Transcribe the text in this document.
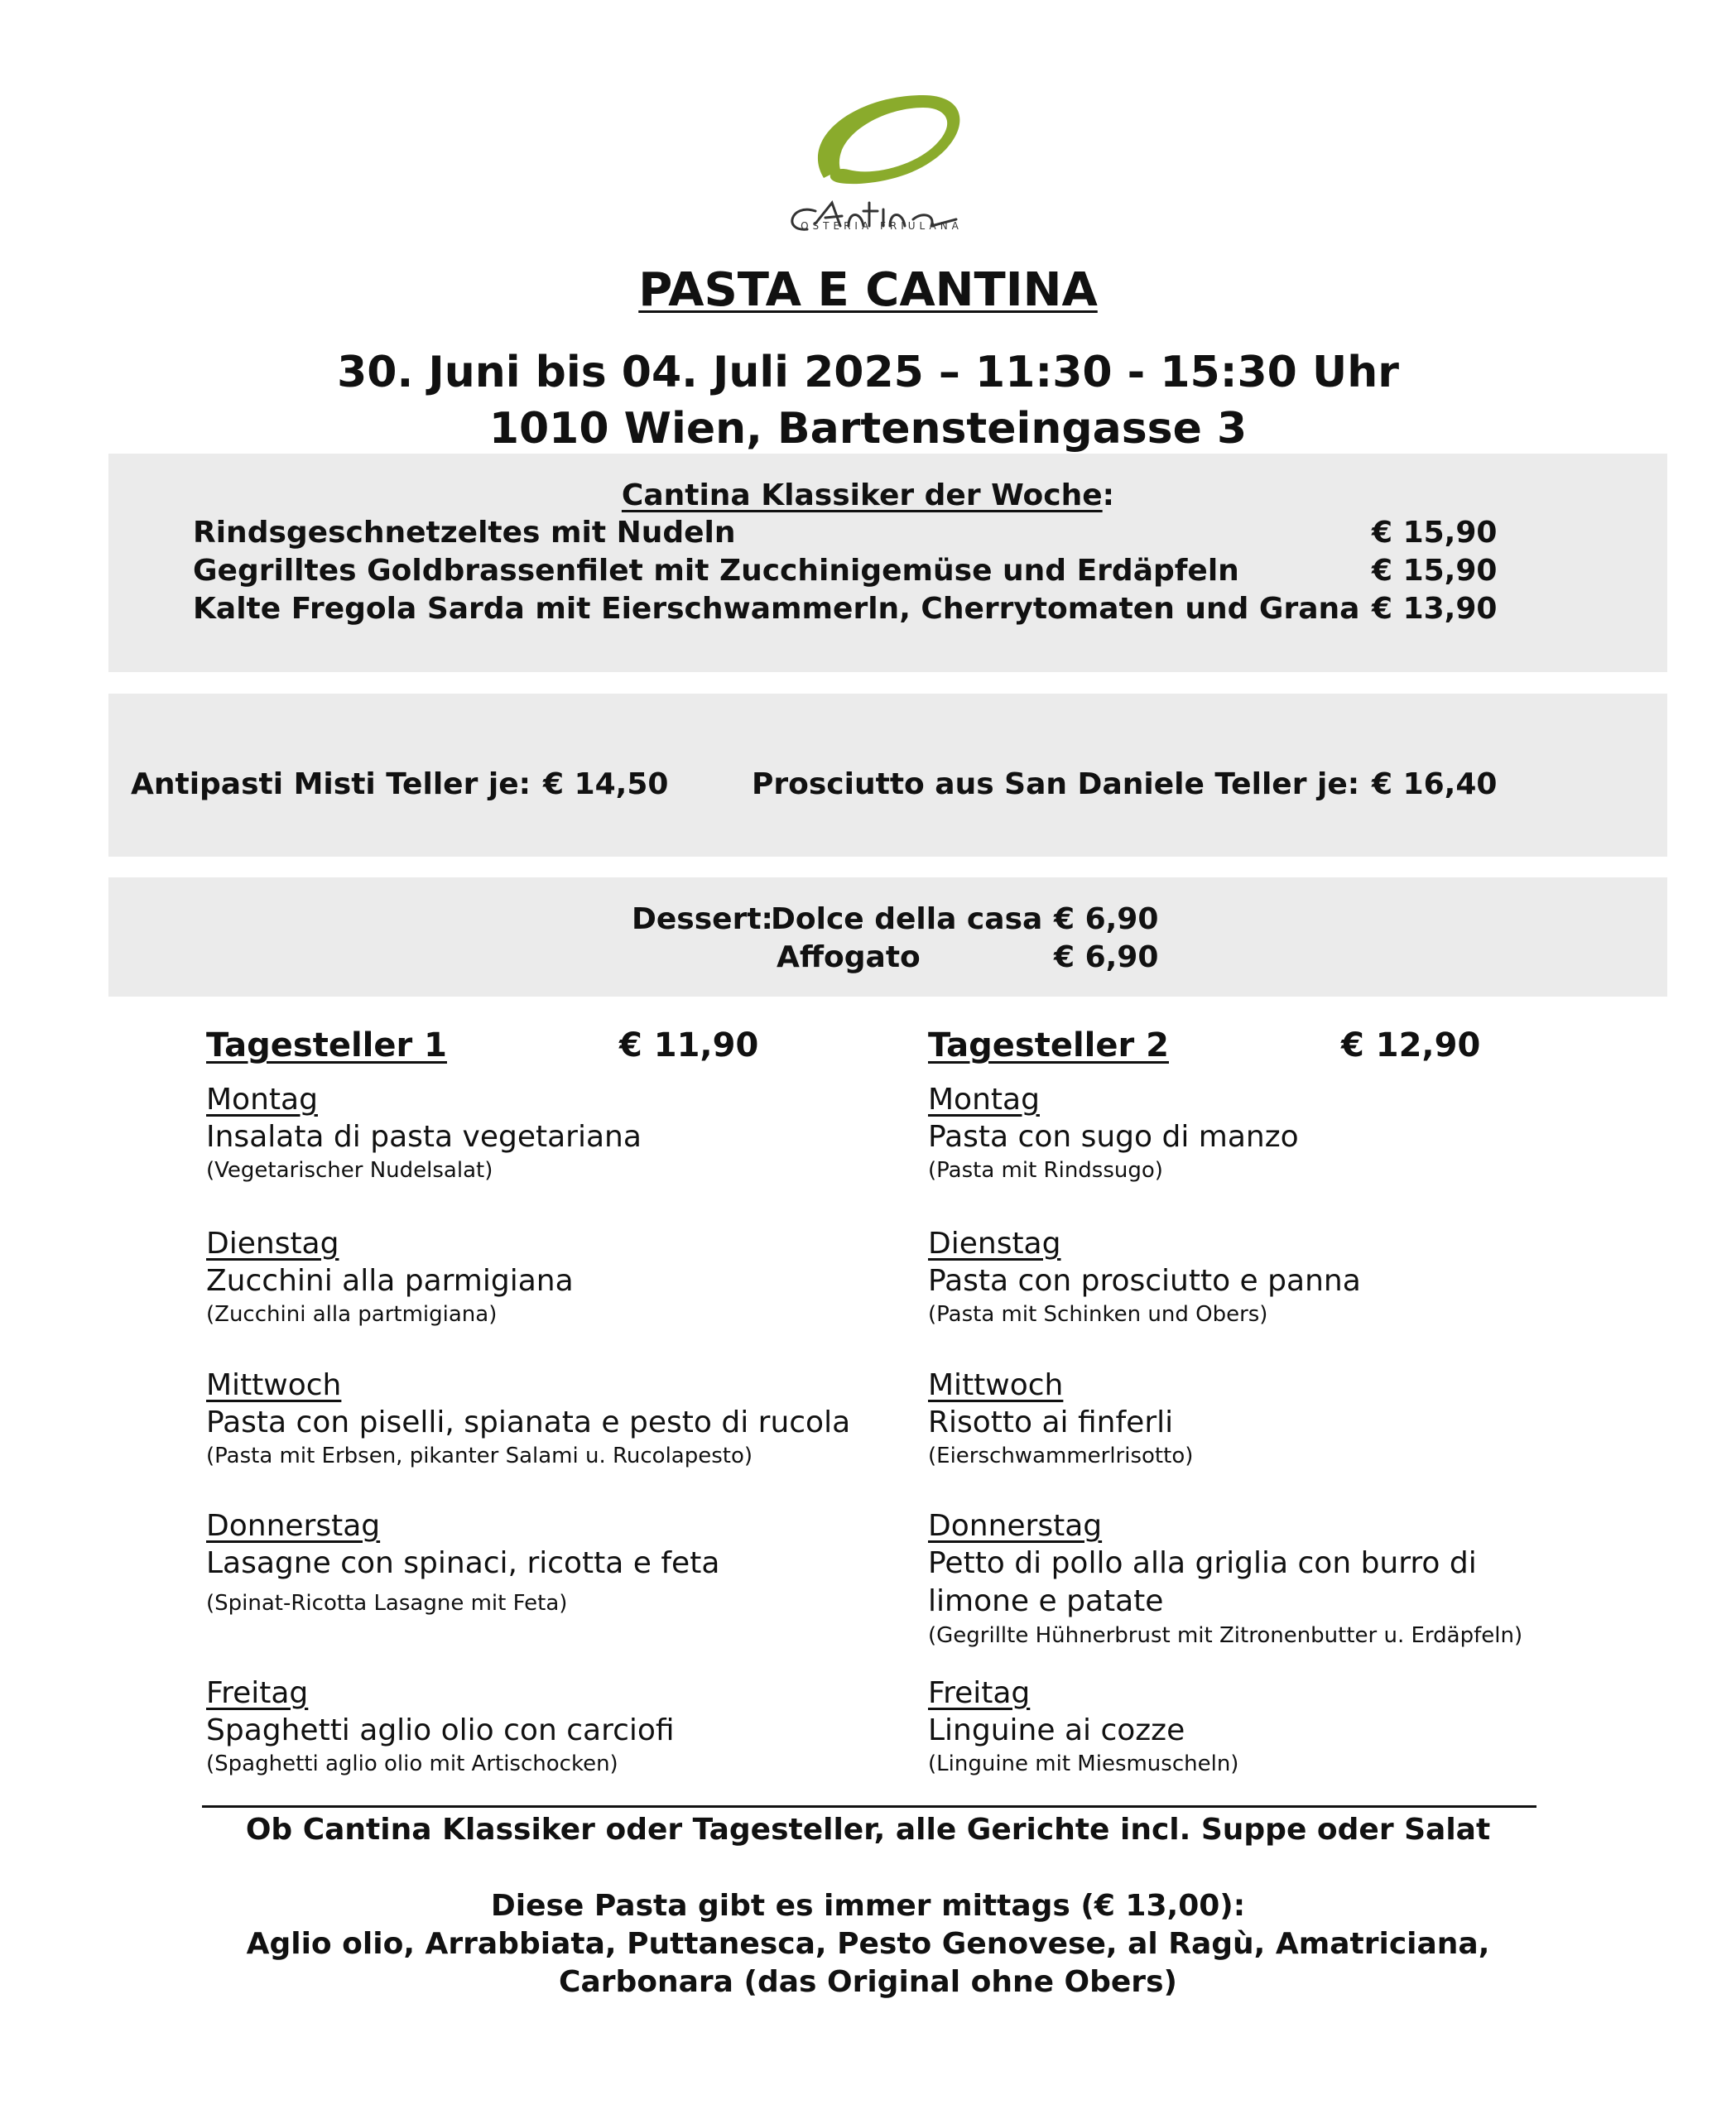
OSTERIA FRIULANA
PASTA E CANTINA
30. Juni bis 04. Juli 2025 – 11:30 - 15:30 Uhr
1010 Wien, Bartensteingasse 3
Cantina Klassiker der Woche:
Rindsgeschnetzeltes mit Nudeln	€ 15,90
Gegrilltes Goldbrassenfilet mit Zucchinigemüse und Erdäpfeln	€ 15,90
Kalte Fregola Sarda mit Eierschwammerln, Cherrytomaten und Grana € 13,90
Antipasti Misti Teller je: € 14,50	Prosciutto aus San Daniele Teller je: € 16,40
Dessert:
Dolce della casa € 6,90
Affogato	€ 6,90
Tagesteller 1	€ 11,90
Montag
Insalata di pasta vegetariana
(Vegetarischer Nudelsalat)
Dienstag
Zucchini alla parmigiana
(Zucchini alla partmigiana)
Mittwoch
Pasta con piselli, spianata e pesto di rucola
(Pasta mit Erbsen, pikanter Salami u. Rucolapesto)
Donnerstag
Lasagne con spinaci, ricotta e feta
(Spinat-Ricotta Lasagne mit Feta)
Freitag
Spaghetti aglio olio con carciofi
(Spaghetti aglio olio mit Artischocken)
Tagesteller 2	€ 12,90
Montag
Pasta con sugo di manzo
(Pasta mit Rindssugo)
Dienstag
Pasta con prosciutto e panna
(Pasta mit Schinken und Obers)
Mittwoch
Risotto ai finferli
(Eierschwammerlrisotto)
Donnerstag
Petto di pollo alla griglia con burro di
limone e patate
(Gegrillte Hühnerbrust mit Zitronenbutter u. Erdäpfeln)
Freitag
Linguine ai cozze
(Linguine mit Miesmuscheln)
Ob Cantina Klassiker oder Tagesteller, alle Gerichte incl. Suppe oder Salat
Diese Pasta gibt es immer mittags (€ 13,00):
Aglio olio, Arrabbiata, Puttanesca, Pesto Genovese, al Ragù, Amatriciana,
Carbonara (das Original ohne Obers)
